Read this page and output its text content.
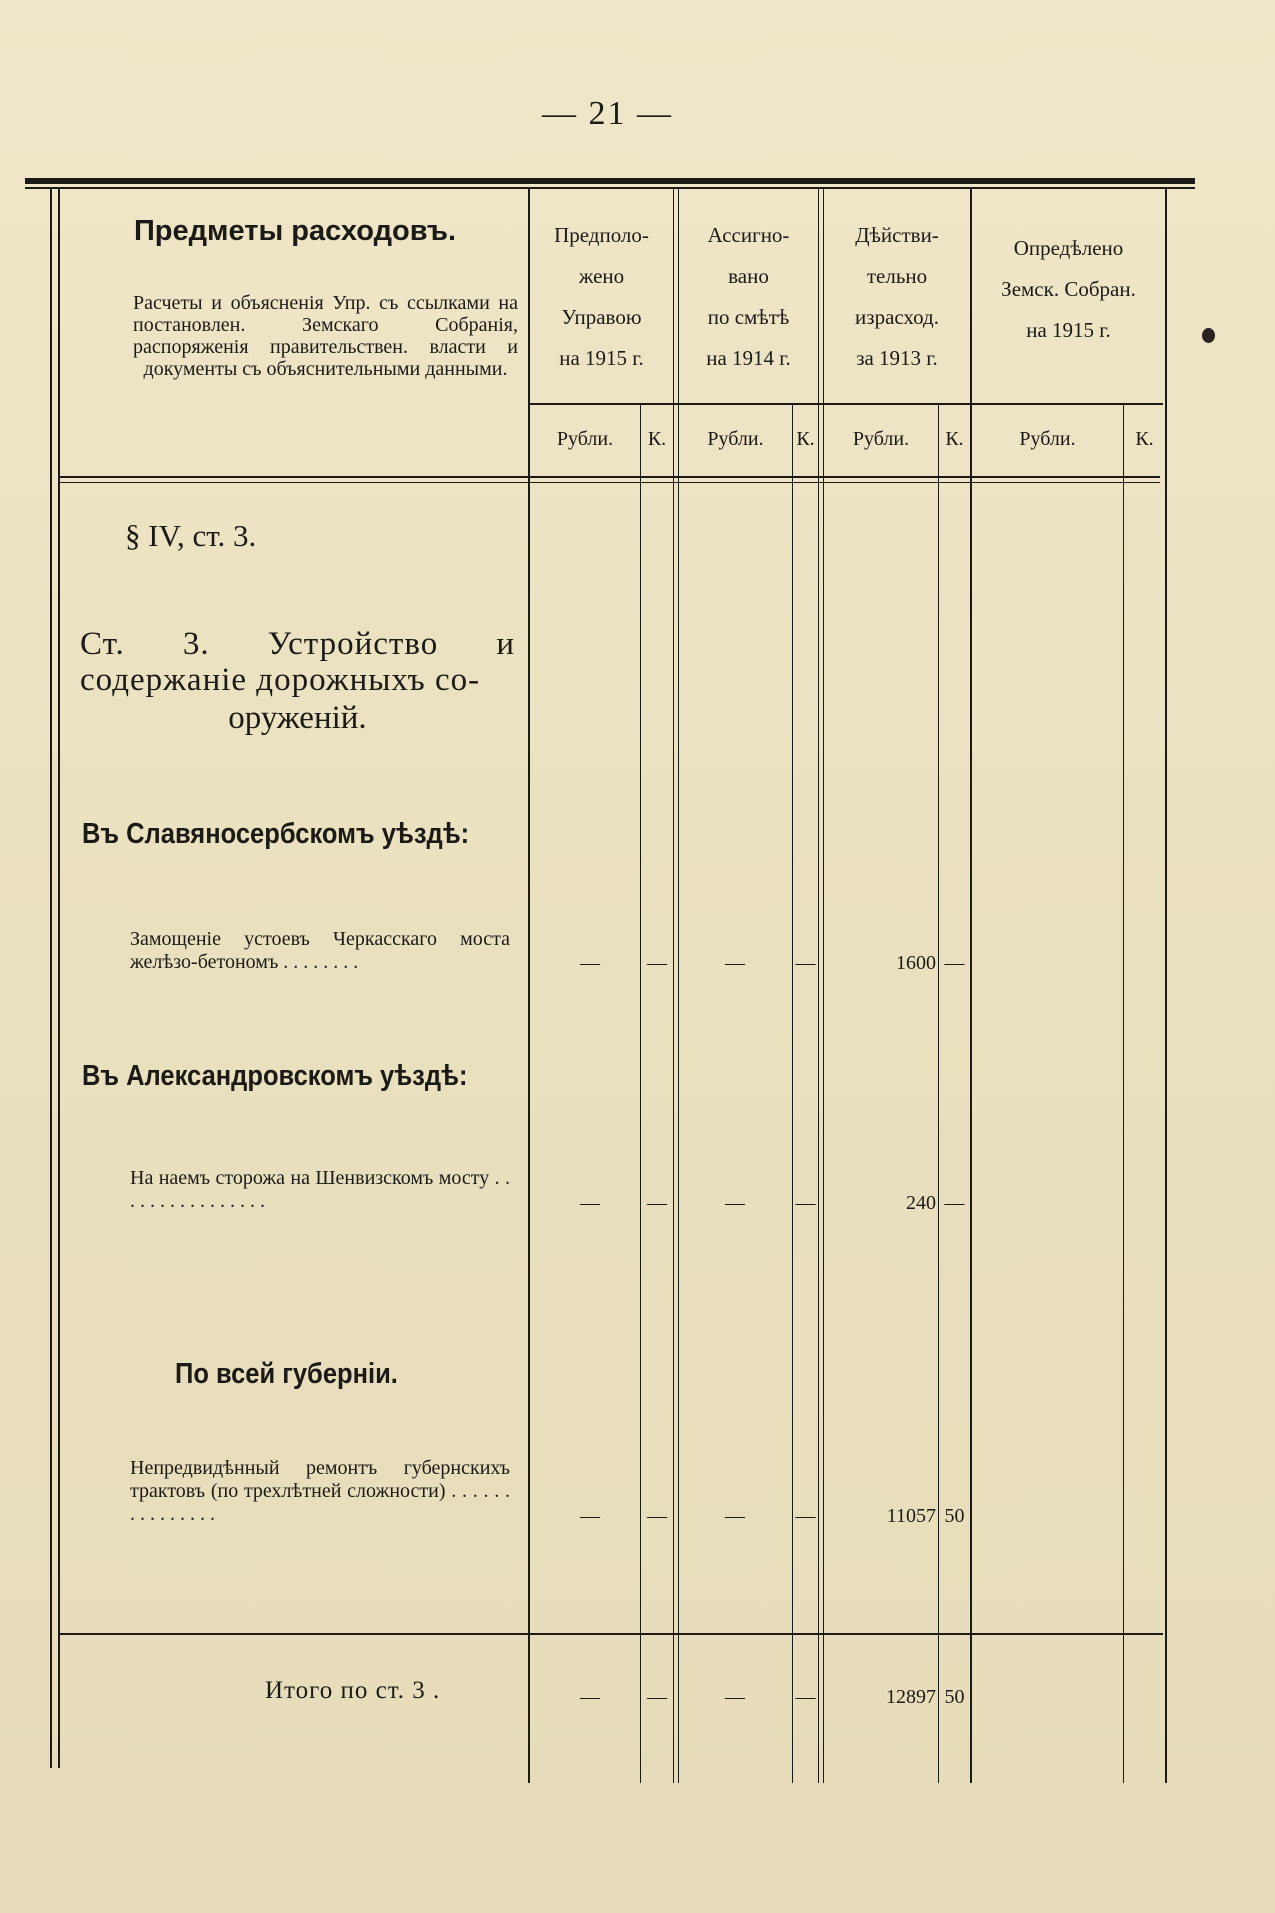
— 21 —
Предметы расходовъ.
Расчеты и объясненія Упр. съ ссылками на постановлен. Земскаго Собранія, распоряженія правительствен. власти и документы съ объяснительными данными.
Предполо-
жено
Управою
на 1915 г.
Ассигно-
вано
по смѣтѣ
на 1914 г.
Дѣйстви-
тельно
израсход.
за 1913 г.
Опредѣлено
Земск. Собран.
на 1915 г.
Рубли.	К.	Рубли.	К.	Рубли.	К.	Рубли.	К.
§ IV, ст. 3.
Ст. 3. Устройство и содержаніе дорожныхъ со-
оруженій.
Въ Славяносербскомъ уѣздѣ:
Замощеніе устоевъ Черкасскаго моста желѣзо-бетономъ . . . . . . . .	—	—	—	—	1600 —
Въ Александровскомъ уѣздѣ:
На наемъ сторожа на Шенвизскомъ мосту . . . . . . . . . . . . . . . .	—	—	—	—	240 —
По всей губерніи.
Непредвидѣнный ремонтъ губернскихъ трактовъ (по трехлѣтней сложности) . . . . . . . . . . . . . . .	—	—	—	—	11057 50
Итого по ст. 3 .	—	—	—	—	12897 50
